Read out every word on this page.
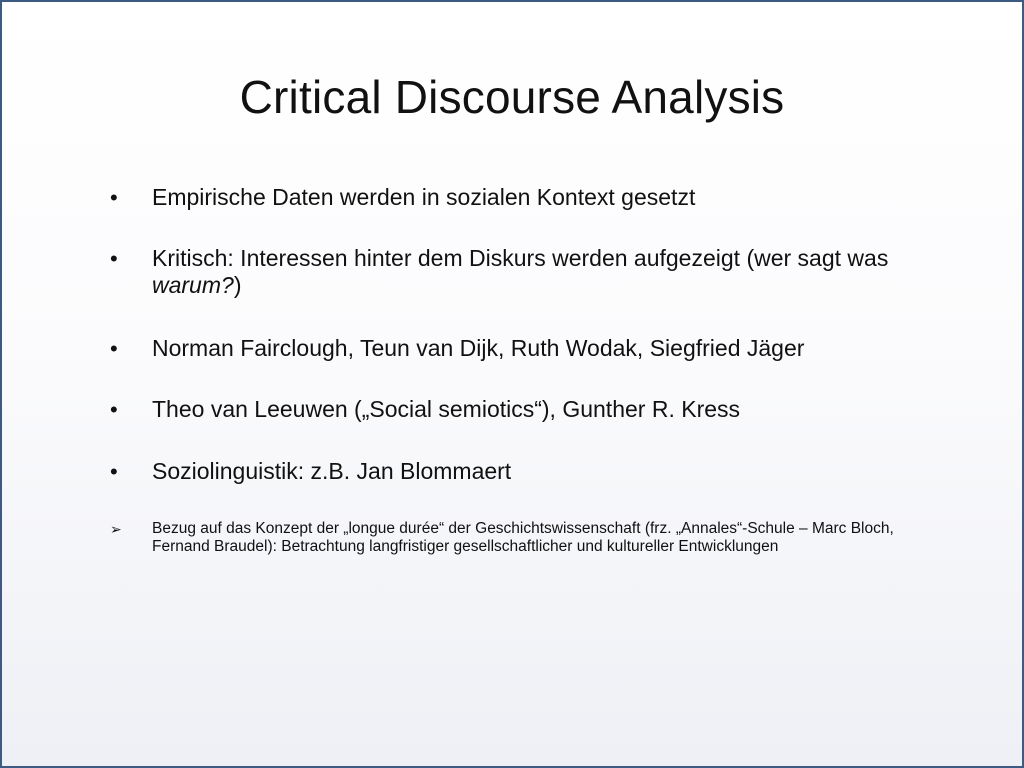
Critical Discourse Analysis
•	Empirische Daten werden in sozialen Kontext gesetzt
•	Kritisch: Interessen hinter dem Diskurs werden aufgezeigt (wer sagt was warum?)
•	Norman Fairclough, Teun van Dijk, Ruth Wodak, Siegfried Jäger
•	Theo van Leeuwen („Social semiotics“), Gunther R. Kress
•	Soziolinguistik: z.B. Jan Blommaert
➢	Bezug auf das Konzept der „longue durée“ der Geschichtswissenschaft (frz. „Annales“-Schule – Marc Bloch, Fernand Braudel): Betrachtung langfristiger gesellschaftlicher und kultureller Entwicklungen
